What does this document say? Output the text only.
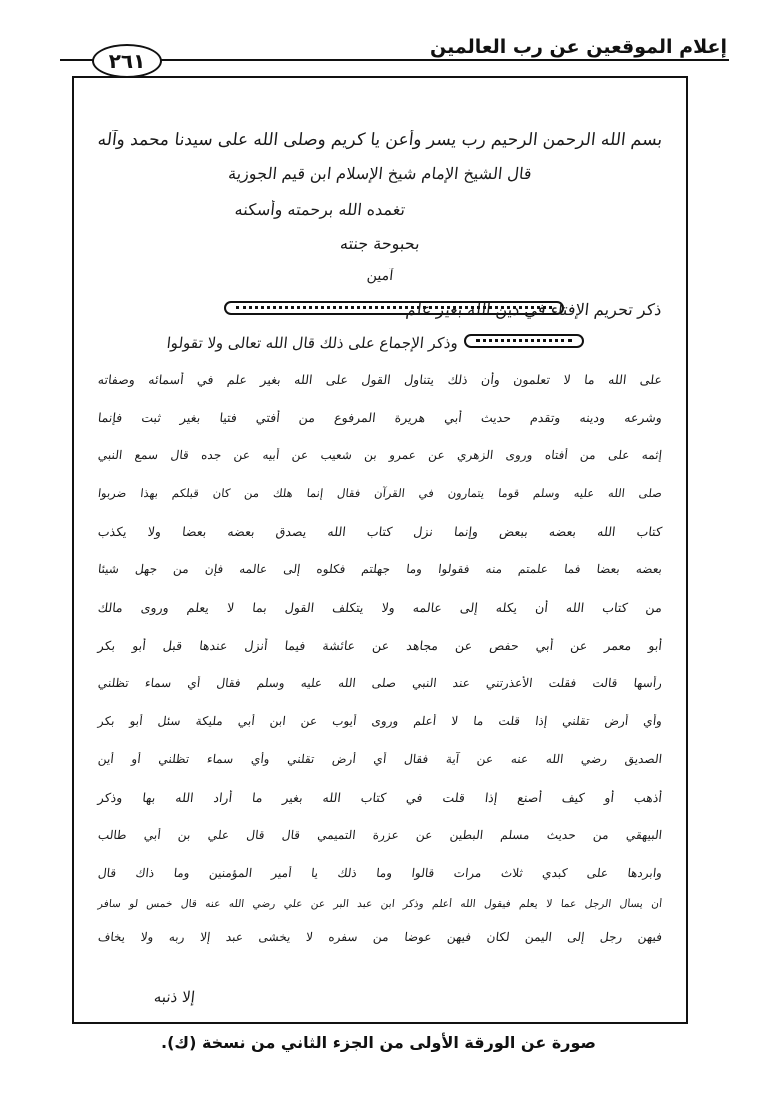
إعلام الموقعين عن رب العالمين
٢٦١
بسم الله الرحمن الرحيم رب يسر وأعن يا كريم وصلى الله على سيدنا محمد وآله
قال الشيخ الإمام شيخ الإسلام ابن قيم الجوزية
تغمده الله برحمته وأسكنه
بحبوحة جنته
آمين
ذكر تحريم الإفتاء في دين الله بغير علم
وذكر الإجماع على ذلك قال الله تعالى ولا تقولوا
على الله ما لا تعلمون وأن ذلك يتناول القول على الله بغير علم في أسمائه وصفاته
وشرعه ودينه وتقدم حديث أبي هريرة المرفوع من أفتي فتيا بغير ثبت فإنما
إثمه على من أفتاه وروى الزهري عن عمرو بن شعيب عن أبيه عن جده قال سمع النبي
صلى الله عليه وسلم قوما يتمارون في القرآن فقال إنما هلك من كان قبلكم بهذا ضربوا
كتاب الله بعضه ببعض وإنما نزل كتاب الله يصدق بعضه بعضا ولا يكذب
بعضه بعضا فما علمتم منه فقولوا وما جهلتم فكلوه إلى عالمه فإن من جهل شيئا
من كتاب الله أن يكله إلى عالمه ولا يتكلف القول بما لا يعلم وروى مالك
أبو معمر عن أبي حفص عن مجاهد عن عائشة فيما أنزل عندها قبل أبو بكر
رأسها قالت فقلت الأعذرتني عند النبي صلى الله عليه وسلم فقال أي سماء تظلني
وأي أرض تقلني إذا قلت ما لا أعلم وروى أيوب عن ابن أبي مليكة سئل أبو بكر
الصديق رضي الله عنه عن آية فقال أي أرض تقلني وأي سماء تظلني أو أين
أذهب أو كيف أصنع إذا قلت في كتاب الله بغير ما أراد الله بها وذكر
البيهقي من حديث مسلم البطين عن عزرة التميمي قال قال علي بن أبي طالب
وابردها على كبدي ثلاث مرات قالوا وما ذلك يا أمير المؤمنين وما ذاك قال
أن يسأل الرجل عما لا يعلم فيقول الله أعلم وذكر ابن عبد البر عن علي رضي الله عنه قال خمس لو سافر
فيهن رجل إلى اليمن لكان فيهن عوضا من سفره لا يخشى عبد إلا ربه ولا يخاف
إلا ذنبه
صورة عن الورقة الأولى من الجزء الثاني من نسخة (ك).
